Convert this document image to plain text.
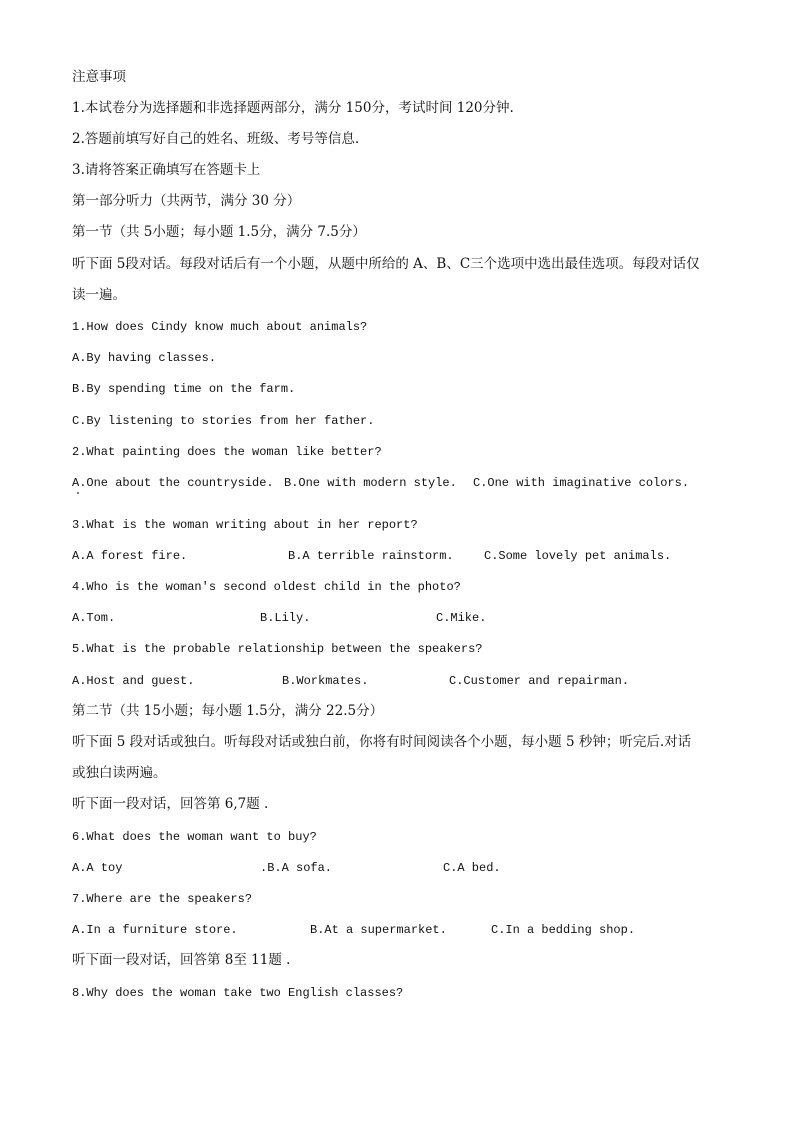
注意事项
1.本试卷分为选择题和非选择题两部分，满分 150分，考试时间 120分钟.
2.答题前填写好自己的姓名、班级、考号等信息.
3.请将答案正确填写在答题卡上
第一部分听力（共两节，满分 30 分）
第一节（共 5小题；每小题 1.5分，满分 7.5分）
听下面 5段对话。每段对话后有一个小题，从题中所给的 A、B、C三个选项中选出最佳选项。每段对话仅
读一遍。
1.How does Cindy know much about animals?
A.By having classes.
B.By spending time on the farm.
C.By listening to stories from her father.
2.What painting does the woman like better?
A.One about the countryside. B.One with modern style. C.One with imaginative colors.
3.What is the woman writing about in her report?
A.A forest fire.	B.A terrible rainstorm.	C.Some lovely pet animals.
4.Who is the woman's second oldest child in the photo?
A.Tom.	B.Lily.	C.Mike.
5.What is the probable relationship between the speakers?
A.Host and guest.	B.Workmates.	C.Customer and repairman.
第二节（共 15小题；每小题 1.5分，满分 22.5分）
听下面 5 段对话或独白。听每段对话或独白前，你将有时间阅读各个小题，每小题 5 秒钟；听完后.对话
或独白读两遍。
听下面一段对话，回答第 6,7题 .
6.What does the woman want to buy?
A.A toy	.B.A sofa.	C.A bed.
7.Where are the speakers?
A.In a furniture store.	B.At a supermarket.	C.In a bedding shop.
听下面一段对话，回答第 8至 11题 .
8.Why does the woman take two English classes?
